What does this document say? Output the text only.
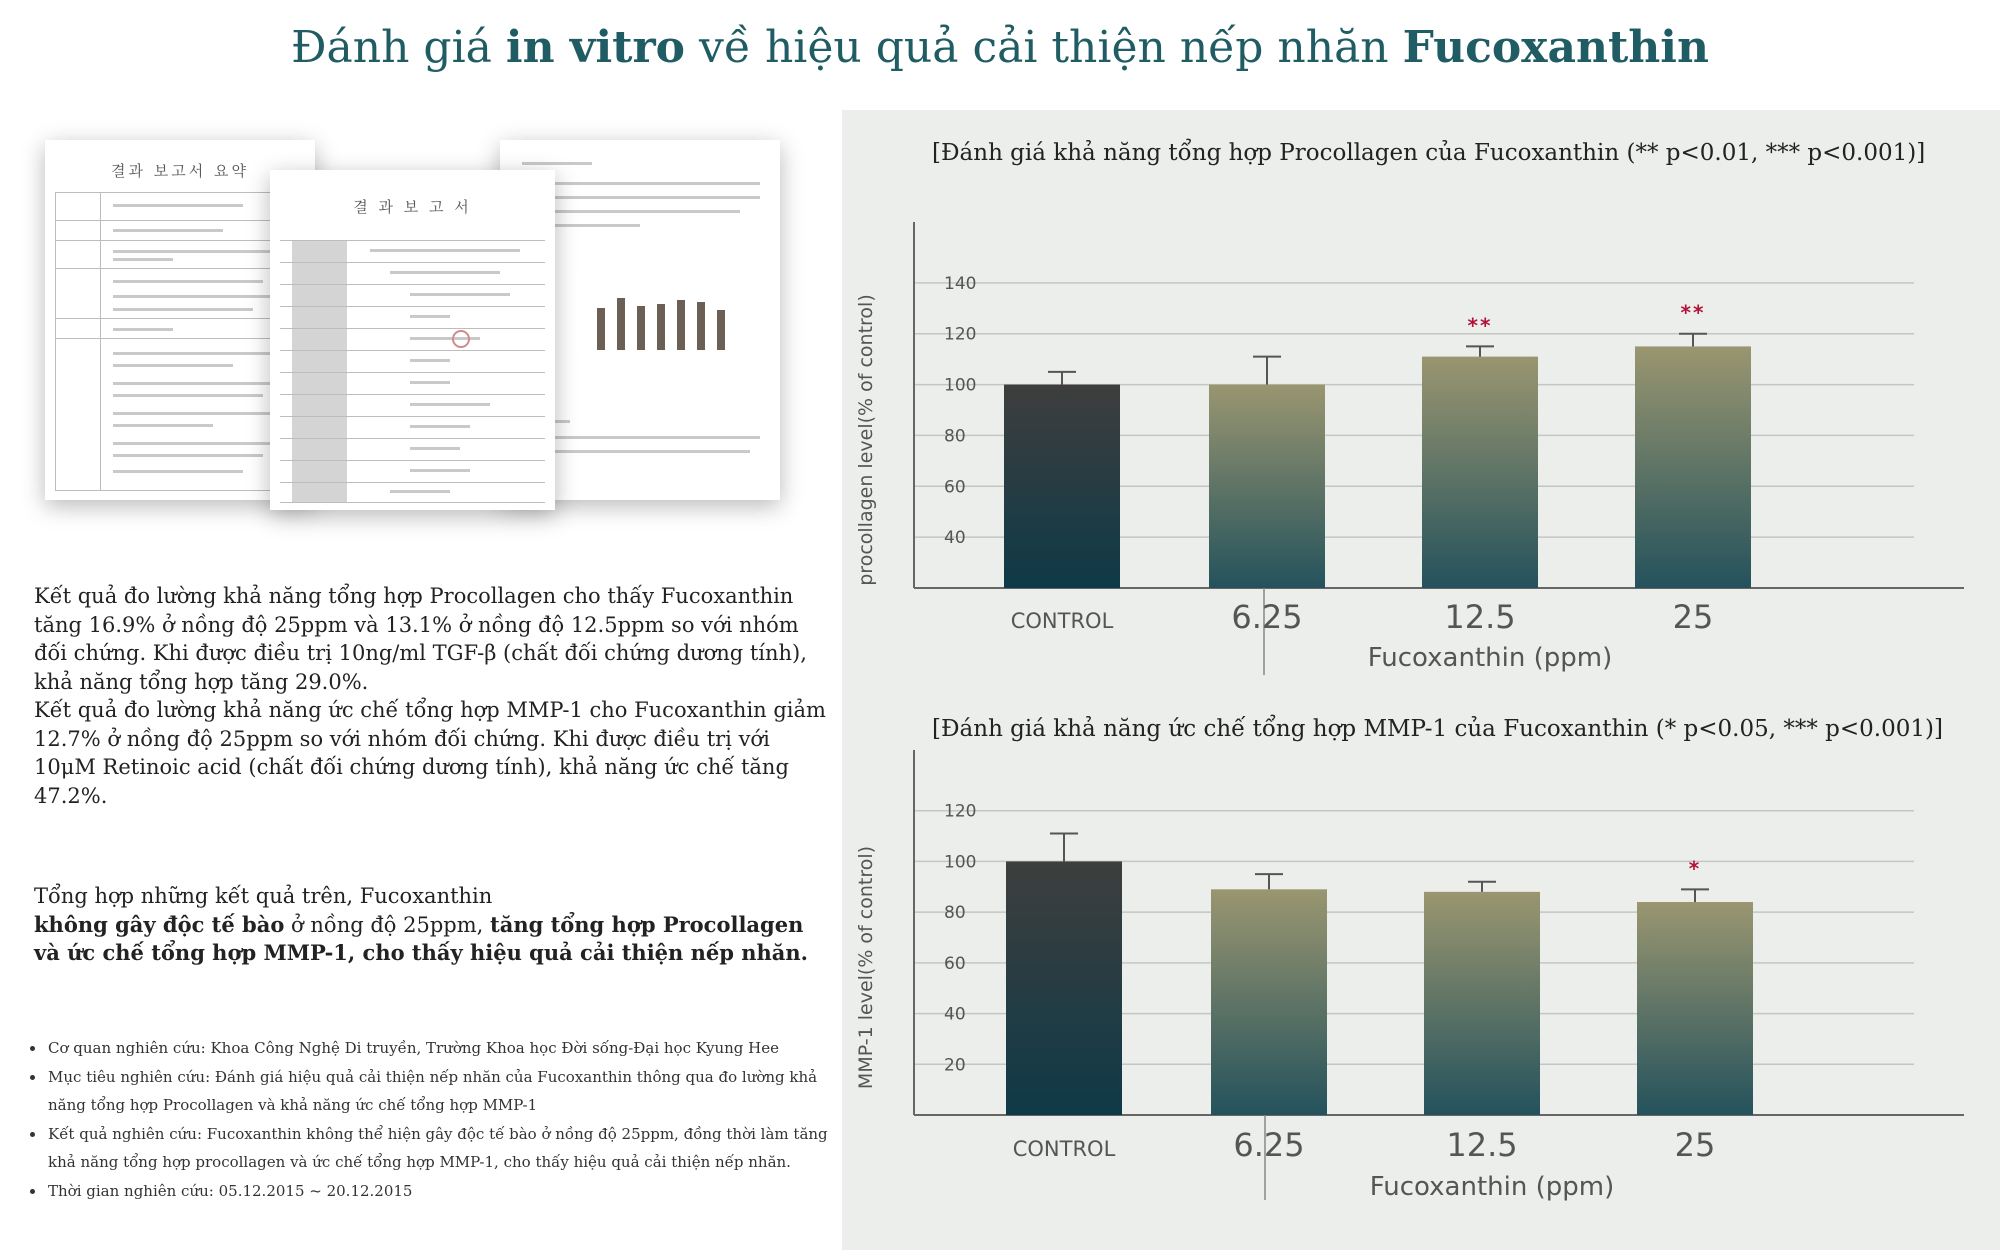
Đánh giá in vitro về hiệu quả cải thiện nếp nhăn Fucoxanthin
결과 보고서 요약
결 과 보 고 서

Kết quả đo lường khả năng tổng hợp Procollagen cho thấy Fucoxanthin tăng 16.9% ở nồng độ 25ppm và 13.1% ở nồng độ 12.5ppm so với nhóm đối chứng. Khi được điều trị 10ng/ml TGF-β (chất đối chứng dương tính), khả năng tổng hợp tăng 29.0%.

Kết quả đo lường khả năng ức chế tổng hợp MMP-1 cho Fucoxanthin giảm 12.7% ở nồng độ 25ppm so với nhóm đối chứng. Khi được điều trị với 10μM Retinoic acid (chất đối chứng dương tính), khả năng ức chế tăng 47.2%.

Tổng hợp những kết quả trên, Fucoxanthin

không gây độc tế bào ở nồng độ 25ppm, tăng tổng hợp Procollagen và ức chế tổng hợp MMP-1, cho thấy hiệu quả cải thiện nếp nhăn.

• Cơ quan nghiên cứu: Khoa Công Nghệ Di truyền, Trường Khoa học Đời sống-Đại học Kyung Hee
• Mục tiêu nghiên cứu: Đánh giá hiệu quả cải thiện nếp nhăn của Fucoxanthin thông qua đo lường khả năng tổng hợp Procollagen và khả năng ức chế tổng hợp MMP-1
• Kết quả nghiên cứu: Fucoxanthin không thể hiện gây độc tế bào ở nồng độ 25ppm, đồng thời làm tăng khả năng tổng hợp procollagen và ức chế tổng hợp MMP-1, cho thấy hiệu quả cải thiện nếp nhăn.
• Thời gian nghiên cứu: 05.12.2015 ~ 20.12.2015
[Đánh giá khả năng tổng hợp Procollagen của Fucoxanthin (** p<0.01, *** p<0.001)]
[Đánh giá khả năng ức chế tổng hợp MMP-1 của Fucoxanthin (* p<0.05, *** p<0.001)]
40
60
80
100
120
140
procollagen level(% of control)
CONTROL	6.25
**
12.5
**
25
Fucoxanthin (ppm)
20
40
60
80
100
120
MMP-1 level(% of control)
CONTROL	6.25	12.5
*
25
Fucoxanthin (ppm)
